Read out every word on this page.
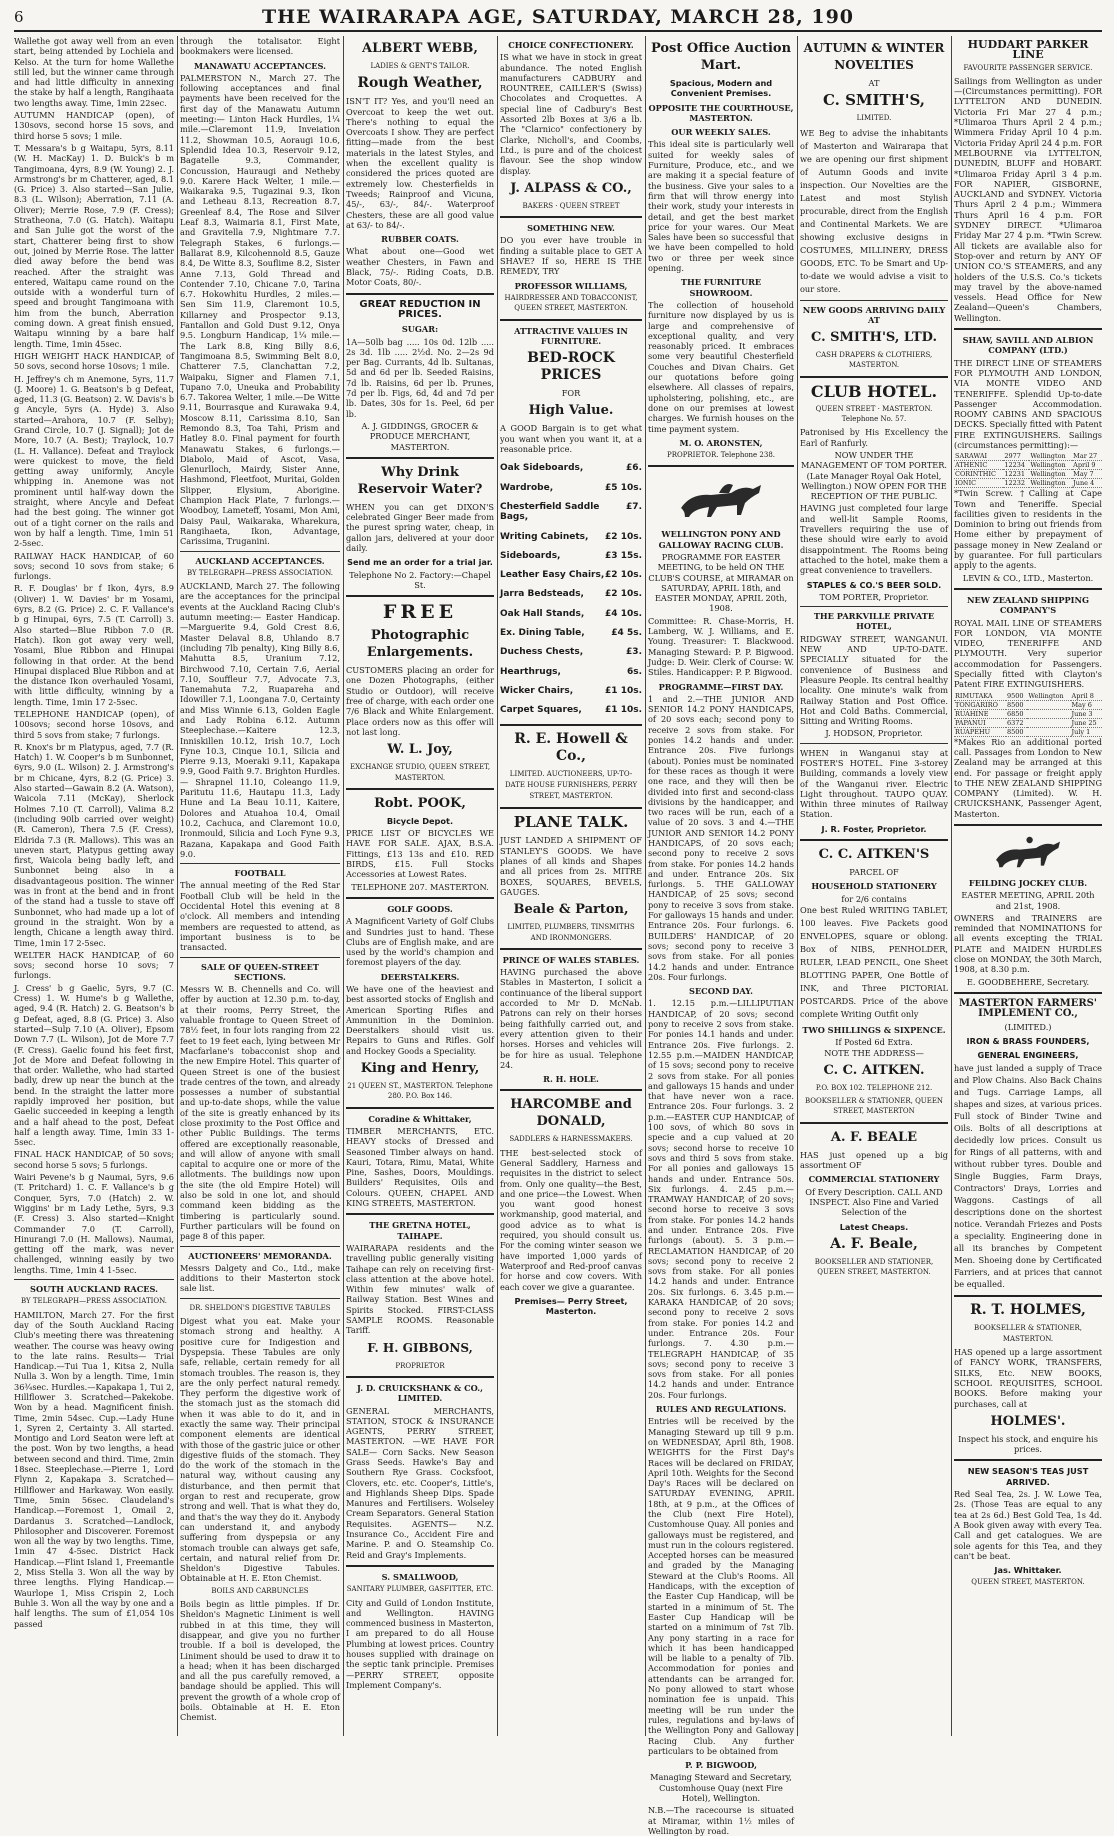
6	THE WAIRARAPA AGE, SATURDAY, MARCH 28, 190

Wallethe got away well from an even start, being attended by Lochiela and Kelso. At the turn for home Wallethe still led, but the winner came through and had little difficulty in annexing the stake by half a length, Rangihaata two lengths away. Time, 1min 22sec.

AUTUMN HANDICAP (open), of 130sovs, second horse 15 sovs, and third horse 5 sovs; 1 mile.

T. Messara's b g Waitapu, 5yrs, 8.11 (W. H. MacKay) 1. D. Buick's b m Tangimoana, 4yrs, 8.9 (W. Young) 2. J. Armstrong's br m Chatterer, aged, 8.1 (G. Price) 3. Also started—San Julie, 8.3 (L. Wilson); Aberration, 7.11 (A. Oliver); Merrie Rose, 7.9 (F. Cress); Stratheona, 7.0 (G. Hatch). Waitapu and San Julie got the worst of the start, Chatterer being first to show out, joined by Merrie Rose. The latter died away before the bend was reached. After the straight was entered, Waitapu came round on the outside with a wonderful turn of speed and brought Tangimoana with him from the bunch, Aberration coming down. A great finish ensued, Waitapu winning by a bare half length. Time, 1min 45sec.

HIGH WEIGHT HACK HANDICAP, of 50 sovs, second horse 10sovs; 1 mile.

H. Jeffrey's ch m Anemone, 5yrs, 11.7 (J. Moore) 1. G. Beatson's b g Defeat, aged, 11.3 (G. Beatson) 2. W. Davis's b g Ancyle, 5yrs (A. Hyde) 3. Also started—Arahora, 10.7 (F. Selby); Grand Circle, 10.7 (J. Signall); Jot de More, 10.7 (A. Best); Traylock, 10.7 (L. H. Vallance). Defeat and Traylock were quickest to move, the field getting away uniformly, Ancyle whipping in. Anemone was not prominent until half-way down the straight, where Ancyle and Defeat had the best going. The winner got out of a tight corner on the rails and won by half a length. Time, 1min 51 2-5sec.

RAILWAY HACK HANDICAP, of 60 sovs; second 10 sovs from stake; 6 furlongs.

R. F. Douglas' br f Ikon, 4yrs, 8.9 (Oliver) 1. W. Davies' br m Yosami, 6yrs, 8.2 (G. Price) 2. C. F. Vallance's b g Hinupai, 6yrs, 7.5 (T. Carroll) 3. Also started—Blue Ribbon 7.0 (R. Hatch). Ikon got away very well, Yosami, Blue Ribbon and Hinupai following in that order. At the bend Hinupai displaced Blue Ribbon and at the distance Ikon overhauled Yosami, with little difficulty, winning by a length. Time, 1min 17 2-5sec.

TELEPHONE HANDICAP (open), of 100sovs; second horse 10sovs, and third 5 sovs from stake; 7 furlongs.

R. Knox's br m Platypus, aged, 7.7 (R. Hatch) 1. W. Cooper's b m Sunbonnet, 6yrs, 9.0 (L. Wilson) 2. J. Armstrong's br m Chicane, 4yrs, 8.2 (G. Price) 3. Also started—Gawain 8.2 (A. Watson), Waicola 7.11 (McKay), Sherlock Holmes 7.10 (T. Carroll), Valima 8.2 (including 90lb carried over weight) (R. Cameron), Thera 7.5 (F. Cress), Eldrida 7.3 (R. Mallows). This was an uneven start, Platypus getting away first, Waicola being badly left, and Sunbonnet being also in a disadvantageous position. The winner was in front at the bend and in front of the stand had a tussle to stave off Sunbonnet, who had made up a lot of ground in the straight. Won by a length, Chicane a length away third. Time, 1min 17 2-5sec.

WELTER HACK HANDICAP, of 60 sovs; second horse 10 sovs; 7 furlongs.

J. Cress' b g Gaelic, 5yrs, 9.7 (C. Cress) 1. W. Hume's b g Wallethe, aged, 9.4 (R. Hatch) 2. G. Beatson's b g Defeat, aged, 8.8 (G. Price) 3. Also started—Sulp 7.10 (A. Oliver), Epsom Down 7.7 (L. Wilson), Jot de More 7.7 (F. Cress). Gaelic found his feet first, Jot de More and Defeat following in that order. Wallethe, who had started badly, drew up near the bunch at the bend. In the straight the latter more rapidly improved her position, but Gaelic succeeded in keeping a length and a half ahead to the post, Defeat half a length away. Time, 1min 33 1-5sec.

FINAL HACK HANDICAP, of 50 sovs; second horse 5 sovs; 5 furlongs.

Wairi Pevene's b g Naumai, 5yrs, 9.6 (T. Pritchard) 1. C. F. Vallance's b g Conquer, 5yrs, 7.0 (Hatch) 2. W. Wiggins' br m Lady Lethe, 5yrs, 9.3 (F. Cress) 3. Also started—Knight Commander 7.0 (T. Carroll), Hinurangi 7.0 (H. Mallows). Naumai, getting off the mark, was never challenged, winning easily by two lengths. Time, 1min 4 1-5sec.

SOUTH AUCKLAND RACES.
BY TELEGRAPH—PRESS ASSOCIATION.

HAMILTON, March 27. For the first day of the South Auckland Racing Club's meeting there was threatening weather. The course was heavy owing to the late rains. Results— Trial Handicap.—Tui Tua 1, Kitsa 2, Nulla Nulla 3. Won by a length. Time, 1min 36¾sec. Hurdles.—Kapakapa 1, Tui 2, Hillflower 3. Scratched—Pakekobe. Won by a head. Magnificent finish. Time, 2min 54sec. Cup.—Lady Hune 1, Syren 2, Certainty 3. All started. Montigo and Lord Seaton were left at the post. Won by two lengths, a head between second and third. Time, 2min 18sec. Steeplechase.—Pierre 1, Lord Flynn 2, Kapakapa 3. Scratched—Hillflower and Harkaway. Won easily. Time, 5min 56sec. Claudeland's Handicap.—Foremost 1, Omail 2, Dardanus 3. Scratched—Landlock, Philosopher and Discoverer. Foremost won all the way by two lengths. Time, 1min 47 4-5sec. District Hack Handicap.—Flint Island 1, Freemantle 2, Miss Stella 3. Won all the way by three lengths. Flying Handicap.—Waurlope 1, Miss Crispin 2, Loch Buhle 3. Won all the way by one and a half lengths. The sum of £1,054 10s passed

through the totalisator. Eight bookmakers were licensed.

MANAWATU ACCEPTANCES.

PALMERSTON N., March 27. The following acceptances and final payments have been received for the first day of the Manawatu Autumn meeting:— Linton Hack Hurdles, 1¼ mile.—Claremont 11.9, Inveiation 11.2, Showman 10.5, Aoraugi 10.6, Splendid Idea 10.3, Reservoir 9.12, Bagatelle 9.3, Commander, Concussion, Hauraugi and Netheby 9.0. Karere Hack Welter, 1 mile.—Waikaraka 9.5, Tugazinai 9.3, Ikon and Letheau 8.13, Recreation 8.7, Greenleaf 8.4, The Rose and Silver Leaf 8.3, Waimaria 8.1, First Mate, and Gravitella 7.9, Nightmare 7.7. Telegraph Stakes, 6 furlongs.—Ballarat 8.9, Kilcohennold 8.5, Gauze 8.4, De Witte 8.3, Souflime 8.2, Sister Anne 7.13, Gold Thread and Contender 7.10, Chicane 7.0, Tarina 6.7. Hokowhitu Hurdles, 2 miles.—Sen Sim 11.9, Claremont 10.5, Killarney and Prospector 9.13, Fantallon and Gold Dust 9.12, Onya 9.5. Longburn Handicap, 1¼ mile.—The Lark 8.8, King Billy 8.6, Tangimoana 8.5, Swimming Belt 8.0, Chatterer 7.5, Clanchattan 7.2, Waipaku, Signer and Flamen 7.1, Tupano 7.0, Uneuka and Probability 6.7. Takorea Welter, 1 mile.—De Witte 9.11, Bourrasque and Kurawaka 9.4, Moscow 8.11, Carissima 8.10, San Remondo 8.3, Toa Tahi, Prism and Hatley 8.0. Final payment for fourth Manawatu Stakes, 6 furlongs.—Diabolo, Maid of Ascot, Vasa, Glenurlloch, Mairdy, Sister Anne, Hashmond, Fleetfoot, Muritai, Golden Slipper, Elysium, Aborigine. Champion Hack Plate, 7 furlongs.—Woodboy, Lameteff, Yosami, Mon Ami, Daisy Paul, Waikaraka, Wharekura, Rangihaeta, Ikon, Advantage, Carissima, Truganini.

AUCKLAND ACCEPTANCES.
BY TELEGRAPH—PRESS ASSOCIATION.

AUCKLAND, March 27. The following are the acceptances for the principal events at the Auckland Racing Club's autumn meeting:— Easter Handicap.—Marguerite 9.4, Gold Crest 8.6, Master Delaval 8.8, Uhlando 8.7 (including 7lb penalty), King Billy 8.6, Mahutta 8.5, Uranium 7.12, Birchwood 7.10, Certain 7.6, Aerial 7.10, Souffleur 7.7, Advocate 7.3, Tanemahuta 7.2, Ruapareha and Idowiller 7.1, Loongana 7.0, Certainty and Miss Winnie 6.13, Golden Eagle and Lady Robina 6.12. Autumn Steeplechase.—Kaitere 12.3, Inniskillen 10.12, Irish 10.7, Loch Fyne 10.3, Cinque 10.1, Silicia and Pierre 9.13, Moeraki 9.11, Kapakapa 9.9, Good Faith 9.7. Brighton Hurdles. — Shrapnel 11.10, Coleango 11.9, Paritutu 11.6, Hautapu 11.3, Lady Hune and La Beau 10.11, Kaitere, Dolores and Atuahoa 10.4, Omail 10.2, Cachuca, and Claremont 10.0, Ironmould, Silicia and Loch Fyne 9.3, Razana, Kapakapa and Good Faith 9.0.

FOOTBALL

The annual meeting of the Red Star Football Club will be held in the Occidental Hotel this evening at 8 o'clock. All members and intending members are requested to attend, as important business is to be transacted.

SALE OF QUEEN-STREET SECTIONS.

Messrs W. B. Chennells and Co. will offer by auction at 12.30 p.m. to-day, at their rooms, Perry Street, the valuable frontage to Queen Street of 78½ feet, in four lots ranging from 22 feet to 19 feet each, lying between Mr Macfarlane's tobacconist shop and the new Empire Hotel. This quarter of Queen Street is one of the busiest trade centres of the town, and already possesses a number of substantial and up-to-date shops, while the value of the site is greatly enhanced by its close proximity to the Post Office and other Public Buildings. The terms offered are exceptionally reasonable, and will allow of anyone with small capital to acquire one or more of the allotments. The buildings now upon the site (the old Empire Hotel) will also be sold in one lot, and should command keen bidding as the timbering is particularly sound. Further particulars will be found on page 8 of this paper.

AUCTIONEERS' MEMORANDA.

Messrs Dalgety and Co., Ltd., make additions to their Masterton stock sale list.

DR. SHELDON'S DIGESTIVE TABULES

Digest what you eat. Make your stomach strong and healthy. A positive cure for Indigestion and Dyspepsia. These Tabules are only safe, reliable, certain remedy for all stomach troubles. The reason is, they are the only perfect natural remedy. They perform the digestive work of the stomach just as the stomach did when it was able to do it, and in exactly the same way. Their principal component elements are identical with those of the gastric juice or other digestive fluids of the stomach. They do the work of the stomach in the natural way, without causing any disturbance, and then permit that organ to rest and recuperate, grow strong and well. That is what they do, and that's the way they do it. Anybody can understand it, and anybody suffering from dyspepsia or any stomach trouble can always get safe, certain, and natural relief from Dr. Sheldon's Digestive Tabules. Obtainable at H. E. Eton Chemist.

BOILS AND CARBUNCLES

Boils begin as little pimples. If Dr. Sheldon's Magnetic Liniment is well rubbed in at this time, they will disappear, and give you no further trouble. If a boil is developed, the Liniment should be used to draw it to a head; when it has been discharged and all the pus carefully removed, a bandage should be applied. This will prevent the growth of a whole crop of boils. Obtainable at H. E. Eton Chemist.

ALBERT WEBB,
LADIES & GENT'S TAILOR.
Rough Weather,

ISN'T IT? Yes, and you'll need an Overcoat to keep the wet out. There's nothing to equal the Overcoats I show. They are perfect fitting—made from the best materials in the latest Styles, and when the excellent quality is considered the prices quoted are extremely low. Chesterfields in Tweeds; Rainproof and Vicuna, 45/-, 63/-, 84/-. Waterproof Chesters, these are all good value at 63/- to 84/-.

RUBBER COATS.

What about one—Good wet weather Chesters, in Fawn and Black, 75/-. Riding Coats, D.B. Motor Coats, 80/-.

GREAT REDUCTION IN PRICES.
SUGAR:

1A—50lb bag ..... 10s 0d. 12lb ..... 2s 3d. 1lb ..... 2½d. No. 2—2s 9d per Bag. Currants, 4d lb. Sultanas, 5d and 6d per lb. Seeded Raisins, 7d lb. Raisins, 6d per lb. Prunes, 7d per lb. Figs, 6d, 4d and 7d per lb. Dates, 30s for 1s. Peel, 6d per lb.

A. J. GIDDINGS, GROCER & PRODUCE MERCHANT, MASTERTON.

Why Drink Reservoir Water?

WHEN you can get DIXON'S celebrated Ginger Beer made from the purest spring water, cheap, in gallon jars, delivered at your door daily.

Send me an order for a trial jar.

Telephone No 2. Factory:—Chapel St.

FREE
Photographic Enlargements.

CUSTOMERS placing an order for one Dozen Photographs, (either Studio or Outdoor), will receive free of charge, with each order one 7/6 Black and White Enlargement. Place orders now as this offer will not last long.

W. L. Joy,
EXCHANGE STUDIO, QUEEN STREET, MASTERTON.
Robt. POOK,
Bicycle Depot.

PRICE LIST OF BICYCLES WE HAVE FOR SALE. AJAX, B.S.A. Fittings, £13 13s and £10. RED BIRDS, £15. Full Stocks Accessories at Lowest Rates.

TELEPHONE 207. MASTERTON.

GOLF GOODS.

A Magnificent Variety of Golf Clubs and Sundries just to hand. These Clubs are of English make, and are used by the world's champion and foremost players of the day.

DEERSTALKERS.

We have one of the heaviest and best assorted stocks of English and American Sporting Rifles and Ammunition in the Dominion. Deerstalkers should visit us. Repairs to Guns and Rifles. Golf and Hockey Goods a Speciality.

King and Henry,
21 QUEEN ST., MASTERTON. Telephone 280. P.O. Box 146.
Coradine & Whittaker,

TIMBER MERCHANTS, ETC. HEAVY stocks of Dressed and Seasoned Timber always on hand. Kauri, Totara, Rimu, Matai, White Pine, Sashes, Doors, Mouldings. Builders' Requisites, Oils and Colours. QUEEN, CHAPEL AND KING STREETS, MASTERTON.

THE GRETNA HOTEL, TAIHAPE.

WAIRARAPA residents and the travelling public generally visiting Taihape can rely on receiving first-class attention at the above hotel. Within few minutes' walk of Railway Station. Best Wines and Spirits Stocked. FIRST-CLASS SAMPLE ROOMS. Reasonable Tariff.

F. H. GIBBONS,
PROPRIETOR
J. D. CRUICKSHANK & CO., LIMITED.

GENERAL MERCHANTS, STATION, STOCK & INSURANCE AGENTS, PERRY STREET, MASTERTON. —WE HAVE FOR SALE— Corn Sacks. New Season Grass Seeds. Hawke's Bay and Southern Rye Grass. Cocksfoot, Clovers, etc. etc. Cooper's, Little's, and Highlands Sheep Dips. Spade Manures and Fertilisers. Wolseley Cream Separators. General Station Requisites. AGENTS— N.Z. Insurance Co., Accident Fire and Marine. P. and O. Steamship Co. Reid and Gray's Implements.

S. SMALLWOOD,
SANITARY PLUMBER, GASFITTER, ETC.

City and Guild of London Institute, and Wellington. HAVING commenced business in Masterton, I am prepared to do all House Plumbing at lowest prices. Country houses supplied with drainage on the septic tank principle. Premises—PERRY STREET, opposite Implement Company's.

CHOICE CONFECTIONERY.

IS what we have in stock in great abundance. The noted English manufacturers CADBURY and ROUNTREE, CAILLER'S (Swiss) Chocolates and Croquettes. A special line of Cadbury's Best Assorted 2lb Boxes at 3/6 a lb. The "Clarnico" confectionery by Clarke, Nicholl's, and Coombs, Ltd., is pure and of the choicest flavour. See the shop window display.

J. ALPASS & CO.,
BAKERS · QUEEN STREET
SOMETHING NEW.

DO you ever have trouble in finding a suitable place to GET A SHAVE? If so, HERE IS THE REMEDY, TRY

PROFESSOR WILLIAMS,
HAIRDRESSER AND TOBACCONIST, QUEEN STREET, MASTERTON.
ATTRACTIVE VALUES IN FURNITURE.
BED-ROCK PRICES
FOR
High Value.

A GOOD Bargain is to get what you want when you want it, at a reasonable price.

Oak Sideboards,	£6.
Wardrobe,	£5 10s.
Chesterfield Saddle Bags,
£7.
Writing Cabinets, £2 10s.
Sideboards,	£3 15s.
Leather Easy Chairs, £2 10s.
Jarra Bedsteads, £2 10s.
Oak Hall Stands, £4 10s.
Ex. Dining Table,	£4 5s.
Duchess Chests,	£3.
Hearthrugs,	6s.
Wicker Chairs,	£1 10s.
Carpet Squares,	£1 10s.
R. E. Howell & Co.,
LIMITED. AUCTIONEERS, UP-TO-DATE HOUSE FURNISHERS, PERRY STREET, MASTERTON.
PLANE TALK.

JUST LANDED A SHIPMENT OF STANLEY'S GOODS. We have planes of all kinds and Shapes and all prices from 2s. MITRE BOXES, SQUARES, BEVELS, GAUGES.

Beale & Parton,
LIMITED, PLUMBERS, TINSMITHS AND IRONMONGERS.
PRINCE OF WALES STABLES.

HAVING purchased the above Stables in Masterton, I solicit a continuance of the liberal support accorded to Mr D. McNab. Patrons can rely on their horses being faithfully carried out, and every attention given to their horses. Horses and vehicles will be for hire as usual. Telephone 24.

R. H. HOLE.
HARCOMBE and DONALD,
SADDLERS & HARNESSMAKERS.

THE best-selected stock of General Saddlery, Harness and requisites in the district to select from. Only one quality—the Best, and one price—the Lowest. When you want good honest workmanship, good material, and good advice as to what is required, you should consult us. For the coming winter season we have imported 1,000 yards of Waterproof and Red-proof canvas for horse and cow covers. With each cover we give a guarantee.

Premises— Perry Street, Masterton.
Post Office Auction Mart.
Spacious, Modern and Convenient Premises.
OPPOSITE THE COURTHOUSE, MASTERTON.
OUR WEEKLY SALES.

This ideal site is particularly well suited for weekly sales of Furniture, Produce, etc., and we are making it a special feature of the business. Give your sales to a firm that will throw energy into their work, study your interests in detail, and get the best market price for your wares. Our Meat Sales have been so successful that we have been compelled to hold two or three per week since opening.

THE FURNITURE SHOWROOM.

The collection of household furniture now displayed by us is large and comprehensive of exceptional quality, and very reasonably priced. It embraces some very beautiful Chesterfield Couches and Divan Chairs. Get our quotations before going elsewhere. All classes of repairs, upholstering, polishing, etc., are done on our premises at lowest charges. We furnish houses on the time payment system.

M. O. ARONSTEN,
PROPRIETOR. Telephone 238.
WELLINGTON PONY AND GALLOWAY RACING CLUB.

PROGRAMME FOR EASTER MEETING, to be held ON THE CLUB'S COURSE, at MIRAMAR on SATURDAY, APRIL 18th, and EASTER MONDAY, APRIL 20th, 1908.

Committee: R. Chase-Morris, H. Lamberg, W. J. Williams, and E. Young. Treasurer: T. Blackwood. Managing Steward: P. P. Bigwood. Judge: D. Weir. Clerk of Course: W. Stiles. Handicapper: P. P. Bigwood.

PROGRAMME—FIRST DAY.

1 and 2.—THE JUNIOR AND SENIOR 14.2 PONY HANDICAPS, of 20 sovs each; second pony to receive 2 sovs from stake. For ponies 14.2 hands and under. Entrance 20s. Five furlongs (about). Ponies must be nominated for these races as though it were one race, and they will then be divided into first and second-class divisions by the handicapper, and two races will be run, each of a value of 20 sovs. 3 and 4.—THE JUNIOR AND SENIOR 14.2 PONY HANDICAPS, of 20 sovs each; second pony to receive 2 sovs from stake. For ponies 14.2 hands and under. Entrance 20s. Six furlongs. 5. THE GALLOWAY HANDICAP, of 25 sovs; second pony to receive 3 sovs from stake. For galloways 15 hands and under. Entrance 20s. Four furlongs. 6. BUILDERS' HANDICAP, of 20 sovs; second pony to receive 3 sovs from stake. For all ponies 14.2 hands and under. Entrance 20s. Four furlongs.

SECOND DAY.

1. 12.15 p.m.—LILLIPUTIAN HANDICAP, of 20 sovs; second pony to receive 2 sovs from stake. For ponies 14.1 hands and under. Entrance 20s. Five furlongs. 2. 12.55 p.m.—MAIDEN HANDICAP, of 15 sovs; second pony to receive 2 sovs from stake. For all ponies and galloways 15 hands and under that have never won a race. Entrance 20s. Four furlongs. 3. 2 p.m.—EASTER CUP HANDICAP, of 100 sovs, of which 80 sovs in specie and a cup valued at 20 sovs; second horse to receive 10 sovs and third 5 sovs from stake. For all ponies and galloways 15 hands and under. Entrance 50s. Six furlongs. 4. 2.45 p.m.—TRAMWAY HANDICAP, of 20 sovs; second horse to receive 3 sovs from stake. For ponies 14.2 hands and under. Entrance 20s. Five furlongs (about). 5. 3 p.m.—RECLAMATION HANDICAP, of 20 sovs; second pony to receive 2 sovs from stake. For all ponies 14.2 hands and under. Entrance 20s. Six furlongs. 6. 3.45 p.m.—KARAKA HANDICAP, of 20 sovs; second pony to receive 2 sovs from stake. For ponies 14.2 and under. Entrance 20s. Four furlongs. 7. 4.30 p.m.—TELEGRAPH HANDICAP, of 35 sovs; second pony to receive 3 sovs from stake. For all ponies 14.2 hands and under. Entrance 20s. Four furlongs.

RULES AND REGULATIONS.

Entries will be received by the Managing Steward up till 9 p.m. on WEDNESDAY, April 8th, 1908. WEIGHTS for the First Day's Races will be declared on FRIDAY, April 10th. Weights for the Second Day's Races will be declared on SATURDAY EVENING, APRIL 18th, at 9 p.m., at the Offices of the Club (next Fire Hotel), Customhouse Quay. All ponies and galloways must be registered, and must run in the colours registered. Accepted horses can be measured and graded by the Managing Steward at the Club's Rooms. All Handicaps, with the exception of the Easter Cup Handicap, will be started in a minimum of 5t. The Easter Cup Handicap will be started on a minimum of 7st 7lb. Any pony starting in a race for which it has been handicapped will be liable to a penalty of 7lb. Accommodation for ponies and attendants can be arranged for. No pony allowed to start whose nomination fee is unpaid. This meeting will be run under the rules, regulations and by-laws of the Wellington Pony and Galloway Racing Club. Any further particulars to be obtained from

P. P. BIGWOOD,

Managing Steward and Secretary, Customhouse Quay (next Fire Hotel), Wellington.

N.B.—The racecourse is situated at Miramar, within 1½ miles of Wellington by road.

AUTUMN & WINTER NOVELTIES
AT
C. SMITH'S,
LIMITED.

WE Beg to advise the inhabitants of Masterton and Wairarapa that we are opening our first shipment of Autumn Goods and invite inspection. Our Novelties are the Latest and most Stylish procurable, direct from the English and Continental Markets. We are showing exclusive designs in COSTUMES, MILLINERY, DRESS GOODS, ETC. To be Smart and Up-to-date we would advise a visit to our store.

NEW GOODS ARRIVING DAILY AT
C. SMITH'S, LTD.
CASH DRAPERS & CLOTHIERS, MASTERTON.
CLUB HOTEL.
QUEEN STREET · MASTERTON. Telephone No. 57.

Patronised by His Excellency the Earl of Ranfurly.

NOW UNDER THE MANAGEMENT OF TOM PORTER. (Late Manager Royal Oak Hotel, Wellington.) NOW OPEN FOR THE RECEPTION OF THE PUBLIC.

HAVING just completed four large and well-lit Sample Rooms, Travellers requiring the use of these should wire early to avoid disappointment. The Rooms being attached to the hotel, make them a great convenience to travellers.

STAPLES & CO.'S BEER SOLD.

TOM PORTER, Proprietor.

THE PARKVILLE PRIVATE HOTEL,

RIDGWAY STREET, WANGANUI. NEW AND UP-TO-DATE. SPECIALLY situated for the convenience of Business and Pleasure People. Its central healthy locality. One minute's walk from Railway Station and Post Office. Hot and Cold Baths. Commercial, Sitting and Writing Rooms.

J. HODSON, Proprietor.

WHEN in Wanganui stay at FOSTER'S HOTEL. Fine 3-storey Building, commands a lovely view of the Wanganui river. Electric Light throughout. TAUPO QUAY. Within three minutes of Railway Station.

J. R. Foster, Proprietor.
C. C. AITKEN'S
PARCEL OF
HOUSEHOLD STATIONERY
for 2/6 contains

One best Ruled WRITING TABLET, 100 leaves. Five Packets good ENVELOPES, square or oblong. Box of NIBS, PENHOLDER, RULER, LEAD PENCIL, One Sheet BLOTTING PAPER, One Bottle of INK, and Three PICTORIAL POSTCARDS. Price of the above complete Writing Outfit only

TWO SHILLINGS & SIXPENCE.
If Posted 6d Extra.
NOTE THE ADDRESS—
C. C. AITKEN.
P.O. BOX 102. TELEPHONE 212.
BOOKSELLER & STATIONER, QUEEN STREET, MASTERTON
A. F. BEALE

HAS just opened up a big assortment OF

COMMERCIAL STATIONERY

Of Every Description. CALL AND INSPECT. Also Fine and Varied Selection of the

Latest Cheaps.
A. F. Beale,
BOOKSELLER AND STATIONER, QUEEN STREET, MASTERTON.
HUDDART PARKER LINE
FAVOURITE PASSENGER SERVICE.

Sailings from Wellington as under—(Circumstances permitting). FOR LYTTELTON AND DUNEDIN. Victoria Fri Mar 27 4 p.m.; *Ulimaroa Thurs April 2 4 p.m.; Wimmera Friday April 10 4 p.m. Victoria Friday April 24 4 p.m. FOR MELBOURNE via LYTTELTON, DUNEDIN, BLUFF and HOBART. *Ulimaroa Friday April 3 4 p.m. FOR NAPIER, GISBORNE, AUCKLAND and SYDNEY. Victoria Thurs April 2 4 p.m.; Wimmera Thurs April 16 4 p.m. FOR SYDNEY DIRECT. *Ulimaroa Friday Mar 27 4 p.m. *Twin Screw. All tickets are available also for Stop-over and return by ANY OF UNION CO.'S STEAMERS, and any holders of the U.S.S. Co.'s tickets may travel by the above-named vessels. Head Office for New Zealand—Queen's Chambers, Wellington.

SHAW, SAVILL AND ALBION COMPANY (LTD.)

THE DIRECT LINE OF STEAMERS FOR PLYMOUTH AND LONDON, VIA MONTE VIDEO AND TENERIFFE. Splendid Up-to-date Passenger Accommodation. ROOMY CABINS AND SPACIOUS DECKS. Specially fitted with Patent FIRE EXTINGUISHERS. Sailings (circumstances permitting):—

SARAWAI	2977	Wellington	Mar 27
ATHENIC	12234	Wellington	April 9
CORINTHIC	12231	Wellington	May 7
IONIC	12232	Wellington	June 4

*Twin Screw. †Calling at Cape Town and Teneriffe. Special facilities given to residents in the Dominion to bring out friends from Home either by prepayment of passage money in New Zealand or by guarantee. For full particulars apply to the agents.

LEVIN & CO., LTD., Masterton.

NEW ZEALAND SHIPPING COMPANY'S

ROYAL MAIL LINE OF STEAMERS FOR LONDON, VIA MONTE VIDEO, TENERIFFE AND PLYMOUTH. Very superior accommodation for Passengers. Specially fitted with Clayton's Patent FIRE EXTINGUISHERS.

RIMUTAKA	9500	Wellington	April 8
TONGARIRO	8500		May 6
RUAHINE	6850		June 3
PAPANUI	6372		June 25
RUAPEHU	8500		July 1

*Makes Rio an additional ported call. Passages from London to New Zealand may be arranged at this end. For passage or freight apply to THE NEW ZEALAND SHIPPING COMPANY (Limited). W. H. CRUICKSHANK, Passenger Agent, Masterton.

FEILDING JOCKEY CLUB.

EASTER MEETING, APRIL 20th and 21st, 1908.

OWNERS and TRAINERS are reminded that NOMINATIONS for all events excepting the TRIAL PLATE and MAIDEN HURDLES close on MONDAY, the 30th March, 1908, at 8.30 p.m.

E. GOODBEHERE, Secretary.

MASTERTON FARMERS' IMPLEMENT CO.,
(LIMITED.)
IRON & BRASS FOUNDERS,
GENERAL ENGINEERS,

have just landed a supply of Trace and Plow Chains. Also Back Chains and Tugs. Carriage Lamps, all shapes and sizes, at various prices. Full stock of Binder Twine and Oils. Bolts of all descriptions at decidedly low prices. Consult us for Rings of all patterns, with and without rubber tyres. Double and Single Buggies, Farm Drays, Contractors' Drays, Lorries and Waggons. Castings of all descriptions done on the shortest notice. Verandah Friezes and Posts a speciality. Engineering done in all its branches by Competent Men. Shoeing done by Certificated Farriers, and at prices that cannot be equalled.

R. T. HOLMES,
BOOKSELLER & STATIONER, MASTERTON.

HAS opened up a large assortment of FANCY WORK, TRANSFERS, SILKS, Etc. NEW BOOKS, SCHOOL REQUISITES, SCHOOL BOOKS. Before making your purchases, call at

HOLMES'.

Inspect his stock, and enquire his prices.

NEW SEASON'S TEAS JUST ARRIVED.

Red Seal Tea, 2s. J. W. Lowe Tea, 2s. (Those Teas are equal to any tea at 2s 6d.) Best Gold Tea, 1s 4d. A Book given away with every Tea. Call and get catalogues. We are sole agents for this Tea, and they can't be beat.

Jas. Whittaker.
QUEEN STREET, MASTERTON.
